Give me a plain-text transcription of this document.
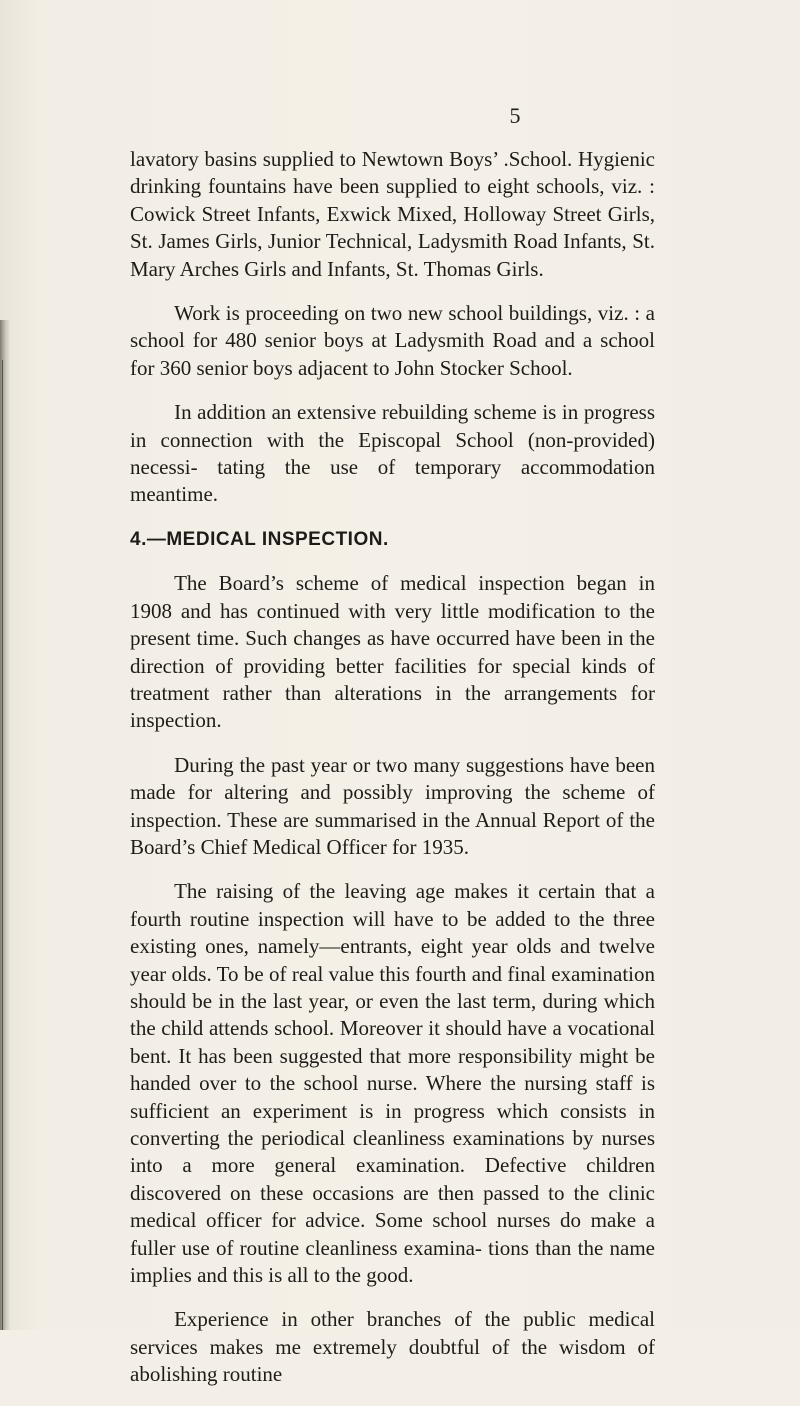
5

lavatory basins supplied to Newtown Boys’ .School. Hygienic drinking fountains have been supplied to eight schools, viz. : Cowick Street Infants, Exwick Mixed, Holloway Street Girls, St. James Girls, Junior Technical, Ladysmith Road Infants, St. Mary Arches Girls and Infants, St. Thomas Girls.

Work is proceeding on two new school buildings, viz. : a school for 480 senior boys at Ladysmith Road and a school for 360 senior boys adjacent to John Stocker School.

In addition an extensive rebuilding scheme is in progress in connection with the Episcopal School (non-provided) necessi- tating the use of temporary accommodation meantime.

4.—MEDICAL INSPECTION.

The Board’s scheme of medical inspection began in 1908 and has continued with very little modification to the present time. Such changes as have occurred have been in the direction of providing better facilities for special kinds of treatment rather than alterations in the arrangements for inspection.

During the past year or two many suggestions have been made for altering and possibly improving the scheme of inspection. These are summarised in the Annual Report of the Board’s Chief Medical Officer for 1935.

The raising of the leaving age makes it certain that a fourth routine inspection will have to be added to the three existing ones, namely—entrants, eight year olds and twelve year olds. To be of real value this fourth and final examination should be in the last year, or even the last term, during which the child attends school. Moreover it should have a vocational bent. It has been suggested that more responsibility might be handed over to the school nurse. Where the nursing staff is sufficient an experiment is in progress which consists in converting the periodical cleanliness examinations by nurses into a more general examination. Defective children discovered on these occasions are then passed to the clinic medical officer for advice. Some school nurses do make a fuller use of routine cleanliness examina- tions than the name implies and this is all to the good.

Experience in other branches of the public medical services makes me extremely doubtful of the wisdom of abolishing routine
